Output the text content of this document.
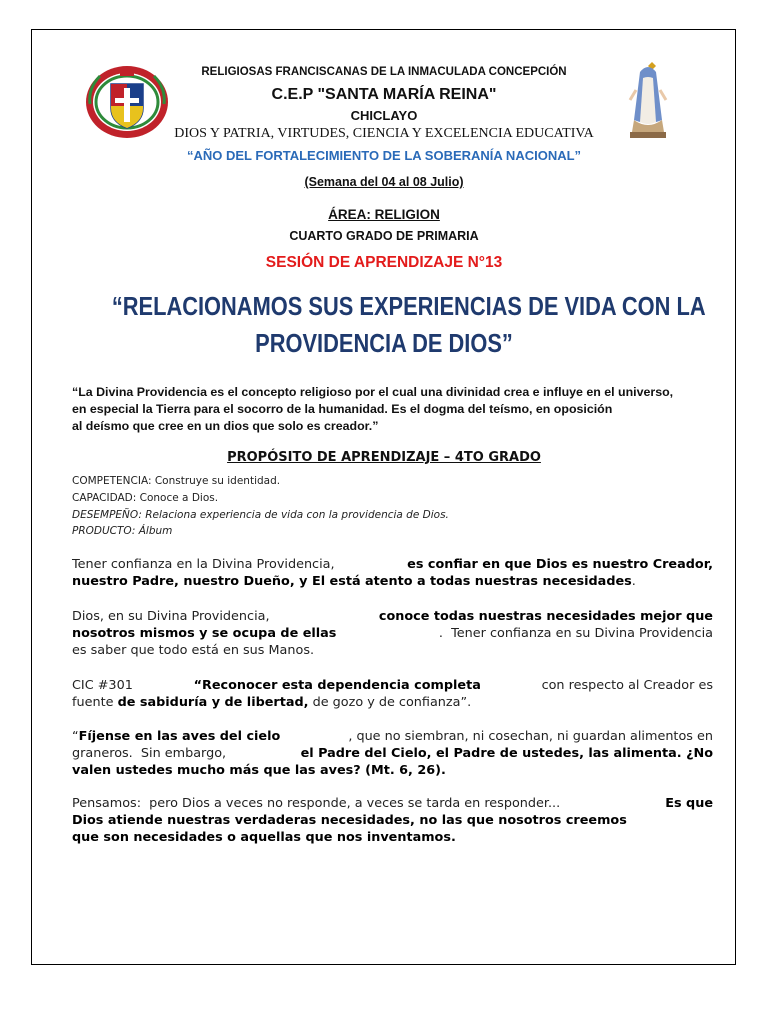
RELIGIOSAS FRANCISCANAS DE LA INMACULADA CONCEPCIÓN
C.E.P "SANTA MARÍA REINA"
CHICLAYO
DIOS Y PATRIA, VIRTUDES, CIENCIA Y EXCELENCIA EDUCATIVA
“AÑO DEL FORTALECIMIENTO DE LA SOBERANÍA NACIONAL”
(Semana del 04 al 08 Julio)
ÁREA: RELIGION
CUARTO GRADO DE PRIMARIA
SESIÓN DE APRENDIZAJE N°13
“RELACIONAMOS SUS EXPERIENCIAS DE VIDA CON LA
PROVIDENCIA DE DIOS”
“La Divina Providencia es el concepto religioso por el cual una divinidad crea e influye en el universo,
en especial la Tierra para el socorro de la humanidad. Es el dogma del teísmo, en oposición
al deísmo que cree en un dios que solo es creador.”
PROPÓSITO DE APRENDIZAJE – 4TO GRADO
COMPETENCIA: Construye su identidad.
CAPACIDAD: Conoce a Dios.
DESEMPEÑO: Relaciona experiencia de vida con la providencia de Dios.
PRODUCTO: Álbum
Tener confianza en la Divina Providencia,	es confiar en que Dios es nuestro Creador,
nuestro Padre, nuestro Dueño, y El está atento a todas nuestras necesidades.
Dios, en su Divina Providencia,	conoce todas nuestras necesidades mejor que
nosotros mismos y se ocupa de ellas	.  Tener confianza en su Divina Providencia
es saber que todo está en sus Manos.
CIC #301	“Reconocer esta dependencia completa	con respecto al Creador es
fuente de sabiduría y de libertad, de gozo y de confianza”.
“Fíjense en las aves del cielo	, que no siembran, ni cosechan, ni guardan alimentos en
graneros.  Sin embargo,	el Padre del Cielo, el Padre de ustedes, las alimenta. ¿No
valen ustedes mucho más que las aves? (Mt. 6, 26).
Pensamos:  pero Dios a veces no responde, a veces se tarda en responder...	Es que
Dios atiende nuestras verdaderas necesidades, no las que nosotros creemos
que son necesidades o aquellas que nos inventamos.
